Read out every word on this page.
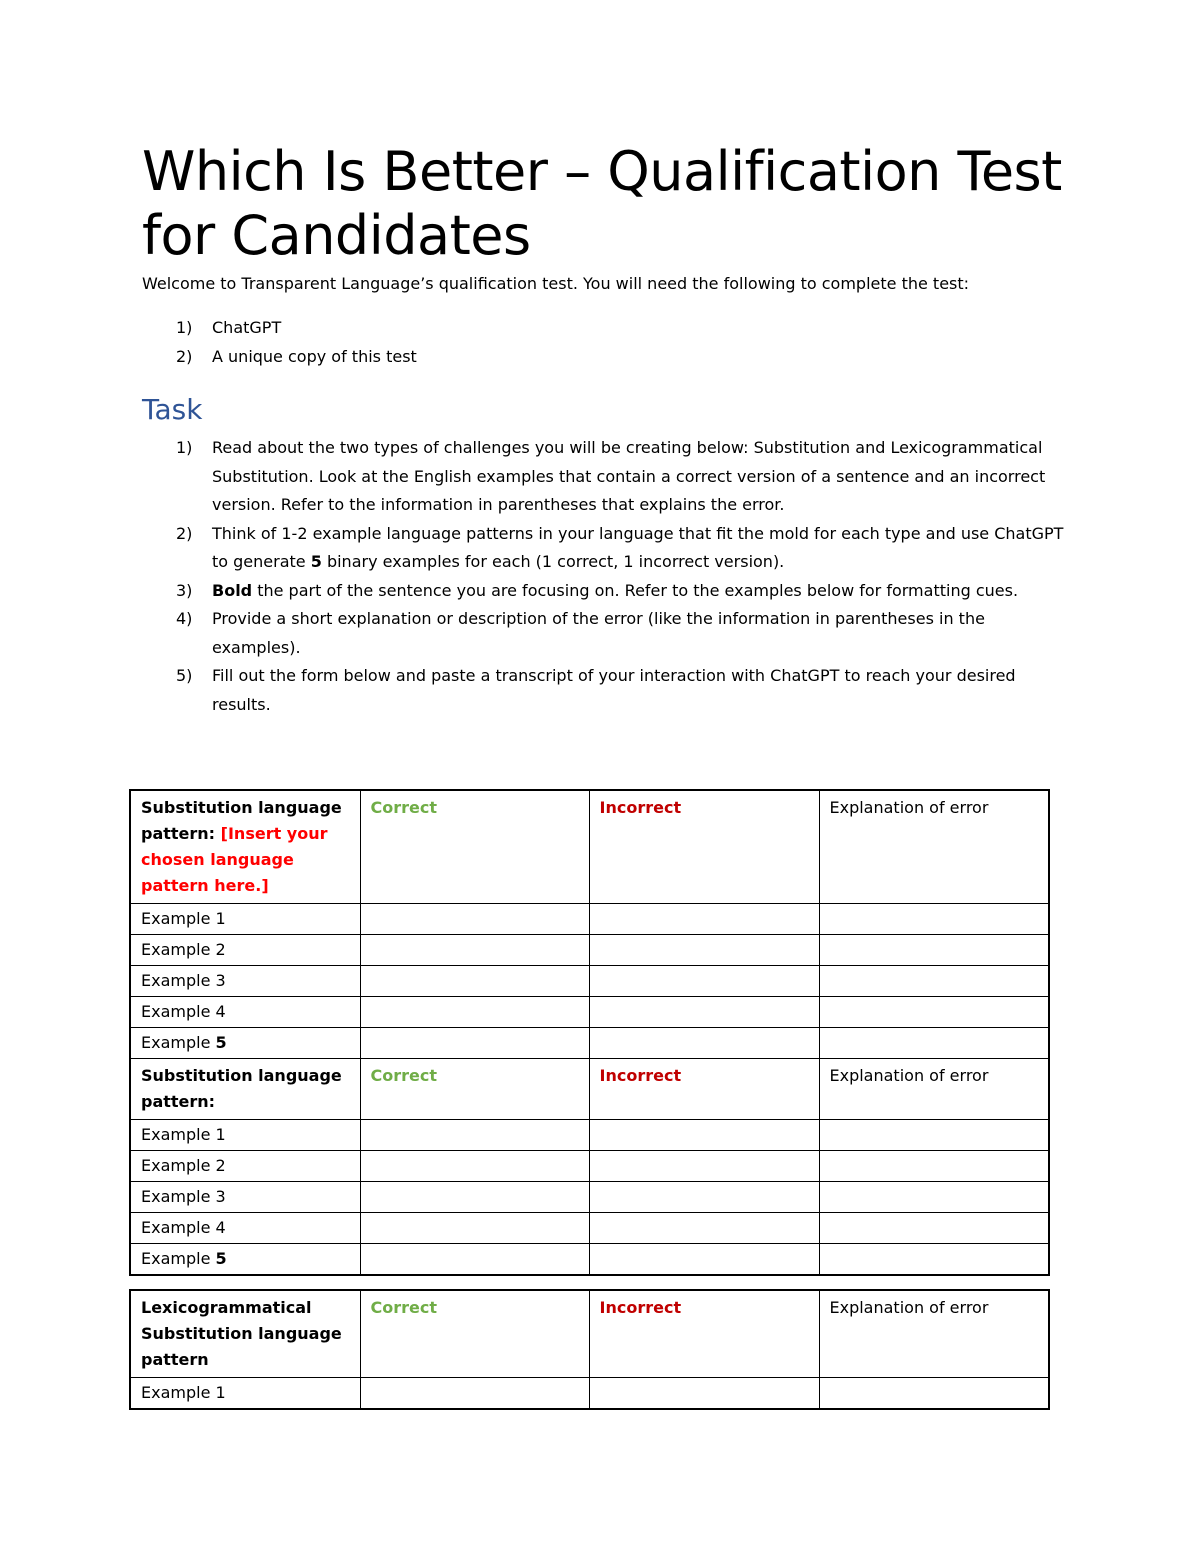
Which Is Better – Qualification Test for Candidates

Welcome to Transparent Language’s qualification test. You will need the following to complete the test:

1) ChatGPT
2) A unique copy of this test
Task
1) Read about the two types of challenges you will be creating below: Substitution and Lexicogrammatical Substitution. Look at the English examples that contain a correct version of a sentence and an incorrect version. Refer to the information in parentheses that explains the error.
2) Think of 1-2 example language patterns in your language that fit the mold for each type and use ChatGPT to generate 5 binary examples for each (1 correct, 1 incorrect version).
3) Bold the part of the sentence you are focusing on. Refer to the examples below for formatting cues.
4) Provide a short explanation or description of the error (like the information in parentheses in the examples).
5) Fill out the form below and paste a transcript of your interaction with ChatGPT to reach your desired results.
Substitution language pattern: [Insert your chosen language pattern here.]	Correct	Incorrect	Explanation of error
Example 1			
Example 2			
Example 3			
Example 4			
Example 5			
Substitution language pattern:	Correct	Incorrect	Explanation of error
Example 1			
Example 2			
Example 3			
Example 4			
Example 5			
Lexicogrammatical Substitution language pattern	Correct	Incorrect	Explanation of error
Example 1			
